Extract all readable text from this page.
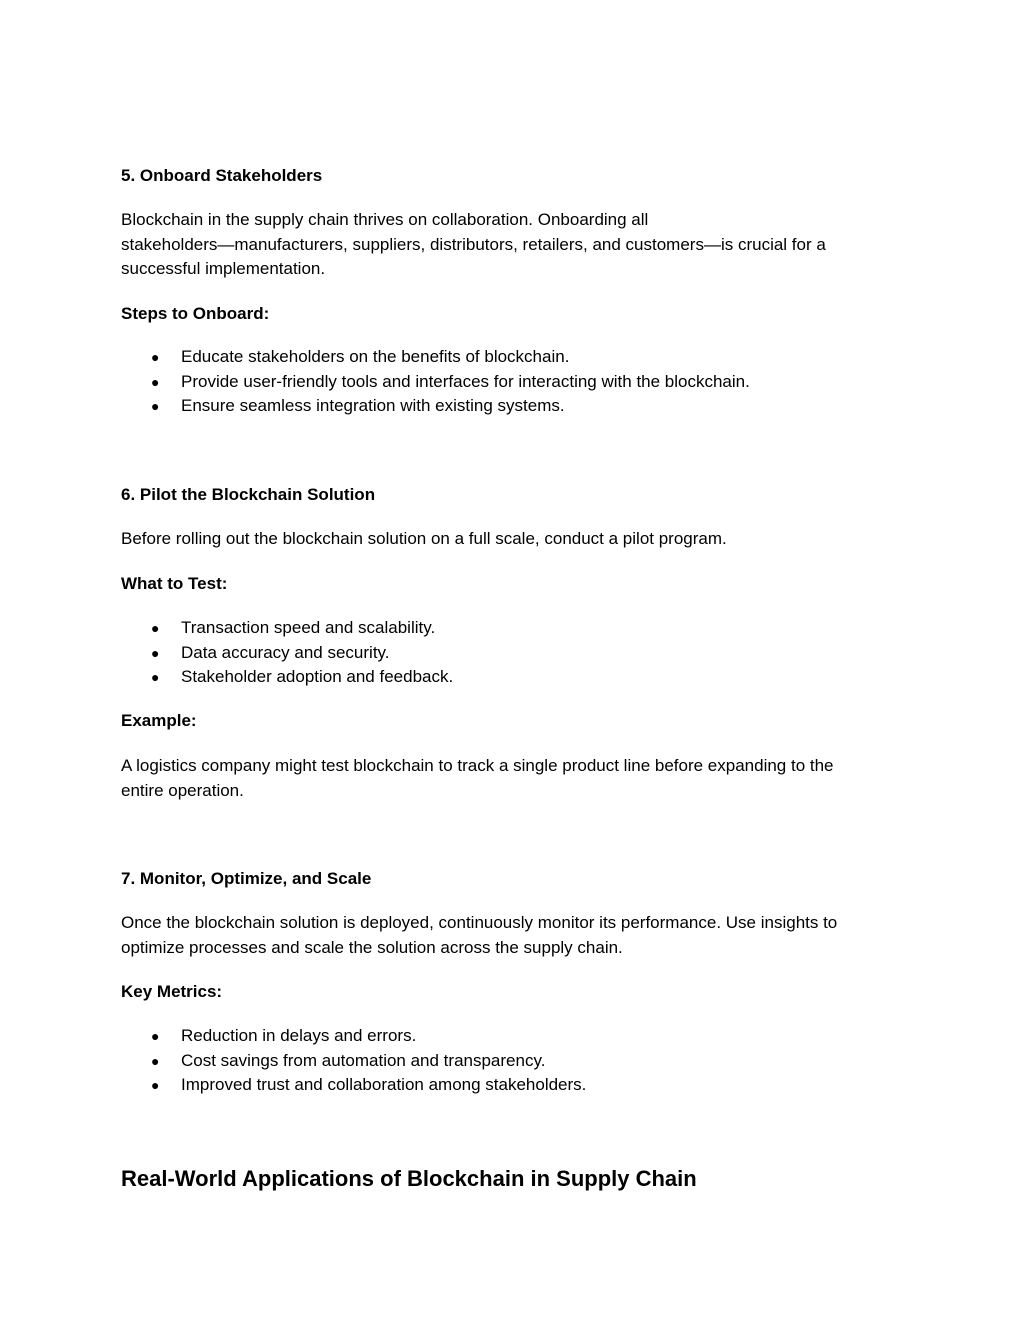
5. Onboard Stakeholders
Blockchain in the supply chain thrives on collaboration. Onboarding all
stakeholders—manufacturers, suppliers, distributors, retailers, and customers—is crucial for a
successful implementation.
Steps to Onboard:
● Educate stakeholders on the benefits of blockchain.
● Provide user-friendly tools and interfaces for interacting with the blockchain.
● Ensure seamless integration with existing systems.
6. Pilot the Blockchain Solution
Before rolling out the blockchain solution on a full scale, conduct a pilot program.
What to Test:
● Transaction speed and scalability.
● Data accuracy and security.
● Stakeholder adoption and feedback.
Example:
A logistics company might test blockchain to track a single product line before expanding to the
entire operation.
7. Monitor, Optimize, and Scale
Once the blockchain solution is deployed, continuously monitor its performance. Use insights to
optimize processes and scale the solution across the supply chain.
Key Metrics:
● Reduction in delays and errors.
● Cost savings from automation and transparency.
● Improved trust and collaboration among stakeholders.
Real-World Applications of Blockchain in Supply Chain
